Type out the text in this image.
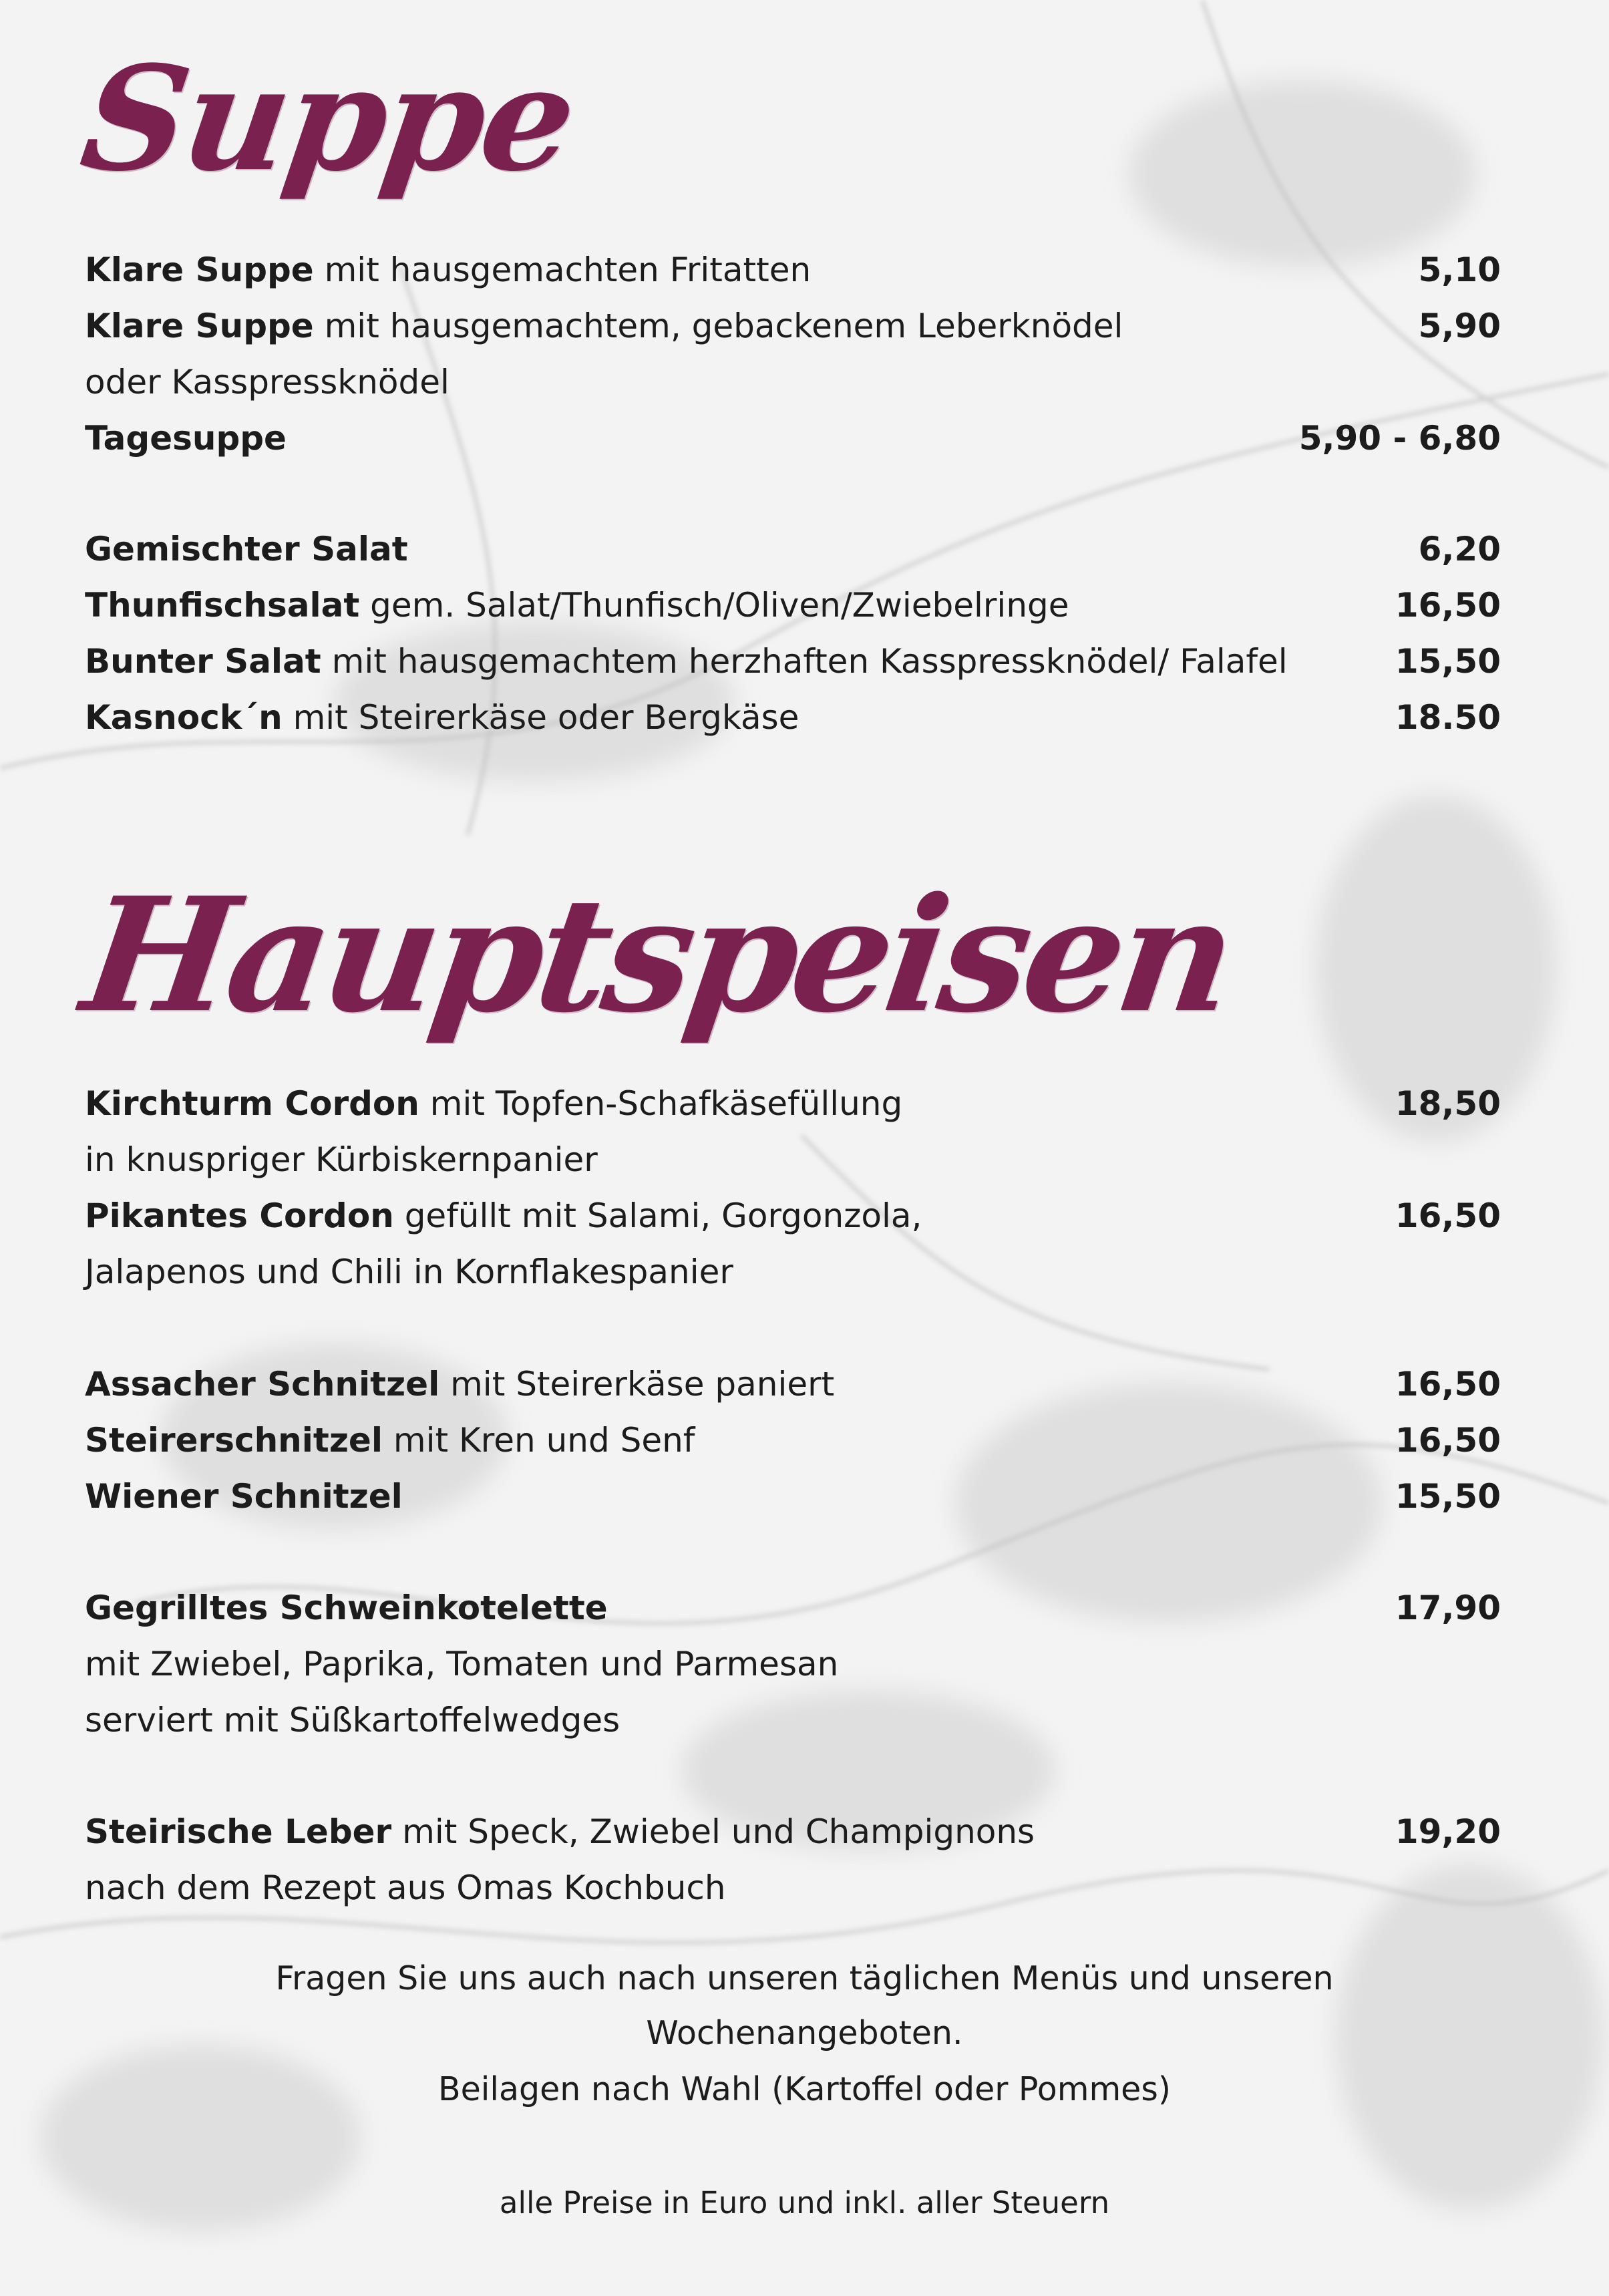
Suppe
Klare Suppe mit hausgemachten Fritatten	5,10
Klare Suppe mit hausgemachtem, gebackenem Leberknödel	5,90
oder Kasspressknödel
Tagesuppe	5,90 - 6,80
Gemischter Salat	6,20
Thunfischsalat gem. Salat/Thunfisch/Oliven/Zwiebelringe	16,50
Bunter Salat mit hausgemachtem herzhaften Kasspressknödel/ Falafel	15,50
Kasnock´n mit Steirerkäse oder Bergkäse	18.50
Hauptspeisen
Kirchturm Cordon mit Topfen-Schafkäsefüllung	18,50
in knuspriger Kürbiskernpanier
Pikantes Cordon gefüllt mit Salami, Gorgonzola,	16,50
Jalapenos und Chili in Kornflakespanier
Assacher Schnitzel mit Steirerkäse paniert	16,50
Steirerschnitzel mit Kren und Senf	16,50
Wiener Schnitzel	15,50
Gegrilltes Schweinkotelette	17,90
mit Zwiebel, Paprika, Tomaten und Parmesan
serviert mit Süßkartoffelwedges
Steirische Leber mit Speck, Zwiebel und Champignons	19,20
nach dem Rezept aus Omas Kochbuch
Fragen Sie uns auch nach unseren täglichen Menüs und unseren
Wochenangeboten.
Beilagen nach Wahl (Kartoffel oder Pommes)
alle Preise in Euro und inkl. aller Steuern
